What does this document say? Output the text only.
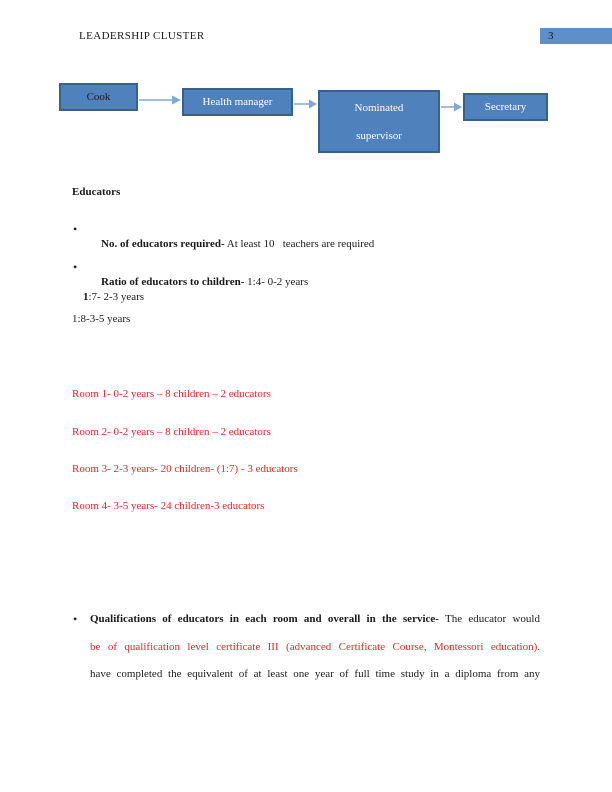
LEADERSHIP CLUSTER	3
Cook	Health manager	Nominated
supervisor
Secretary
Educators
•

No. of educators required- At least 10   teachers are required

•

Ratio of educators to children- 1:4- 0-2 years

1:7- 2-3 years

1:8-3-5 years
Room 1- 0-2 years – 8 children – 2 educators
Room 2- 0-2 years – 8 children – 2 educators
Room 3- 2-3 years- 20 children- (1:7) - 3 educators
Room 4- 3-5 years- 24 children-3 educators
• Qualifications of educators in each room and overall in the service- The educator would
be of qualification level certificate III (advanced Certificate Course, Montessori education).
have completed the equivalent of at least one year of full time study in a diploma from any
